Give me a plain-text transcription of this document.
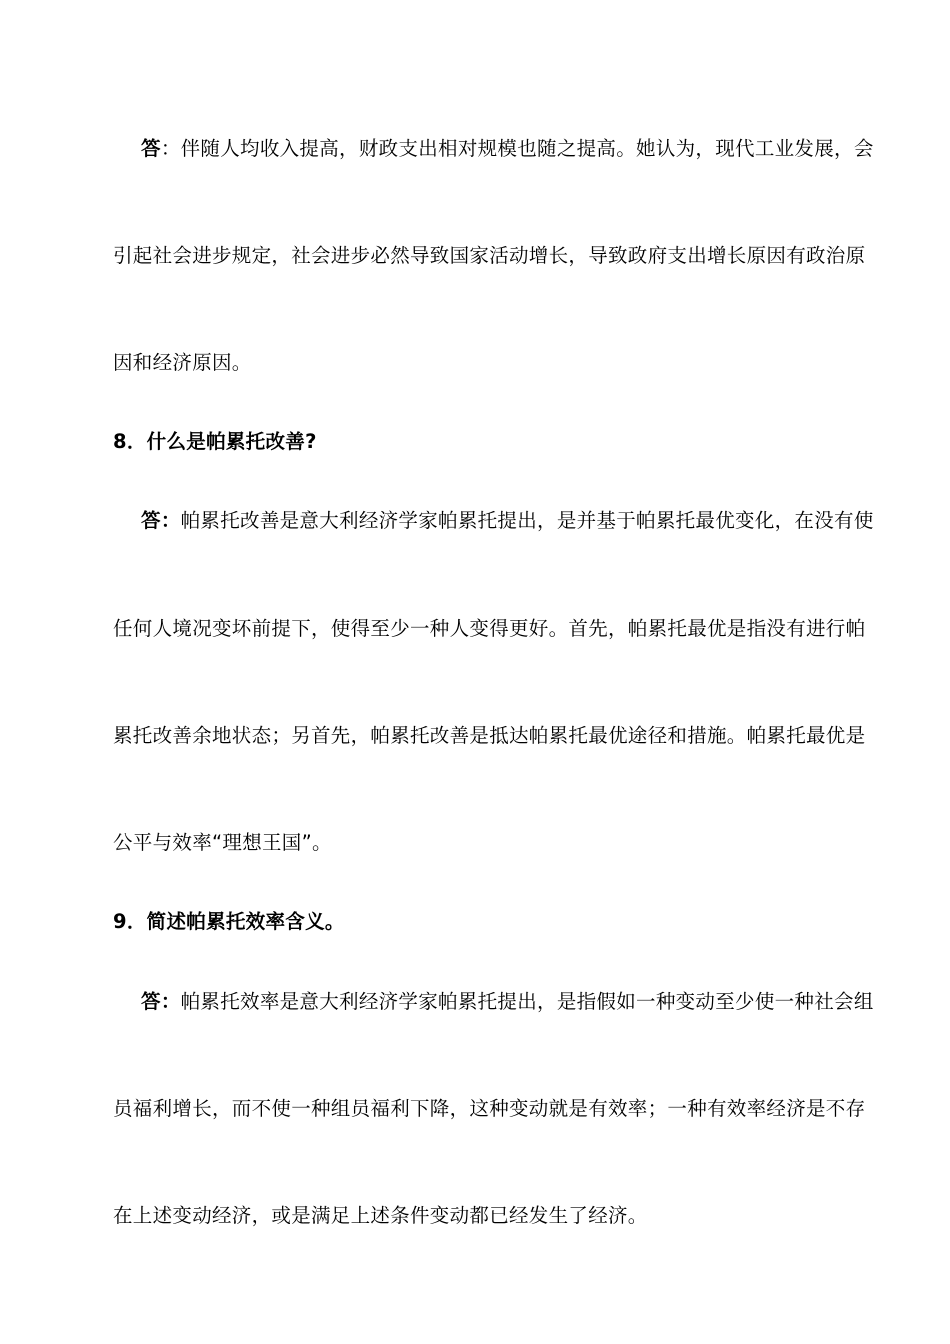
答：伴随人均收入提高，财政支出相对规模也随之提高。她认为，现代工业发展，会
引起社会进步规定，社会进步必然导致国家活动增长，导致政府支出增长原因有政治原
因和经济原因。
8．什么是帕累托改善?
答：帕累托改善是意大利经济学家帕累托提出，是并基于帕累托最优变化，在没有使
任何人境况变坏前提下，使得至少一种人变得更好。首先，帕累托最优是指没有进行帕
累托改善余地状态；另首先，帕累托改善是抵达帕累托最优途径和措施。帕累托最优是
公平与效率“理想王国”。
9．简述帕累托效率含义。
答：帕累托效率是意大利经济学家帕累托提出，是指假如一种变动至少使一种社会组
员福利增长，而不使一种组员福利下降，这种变动就是有效率；一种有效率经济是不存
在上述变动经济，或是满足上述条件变动都已经发生了经济。
